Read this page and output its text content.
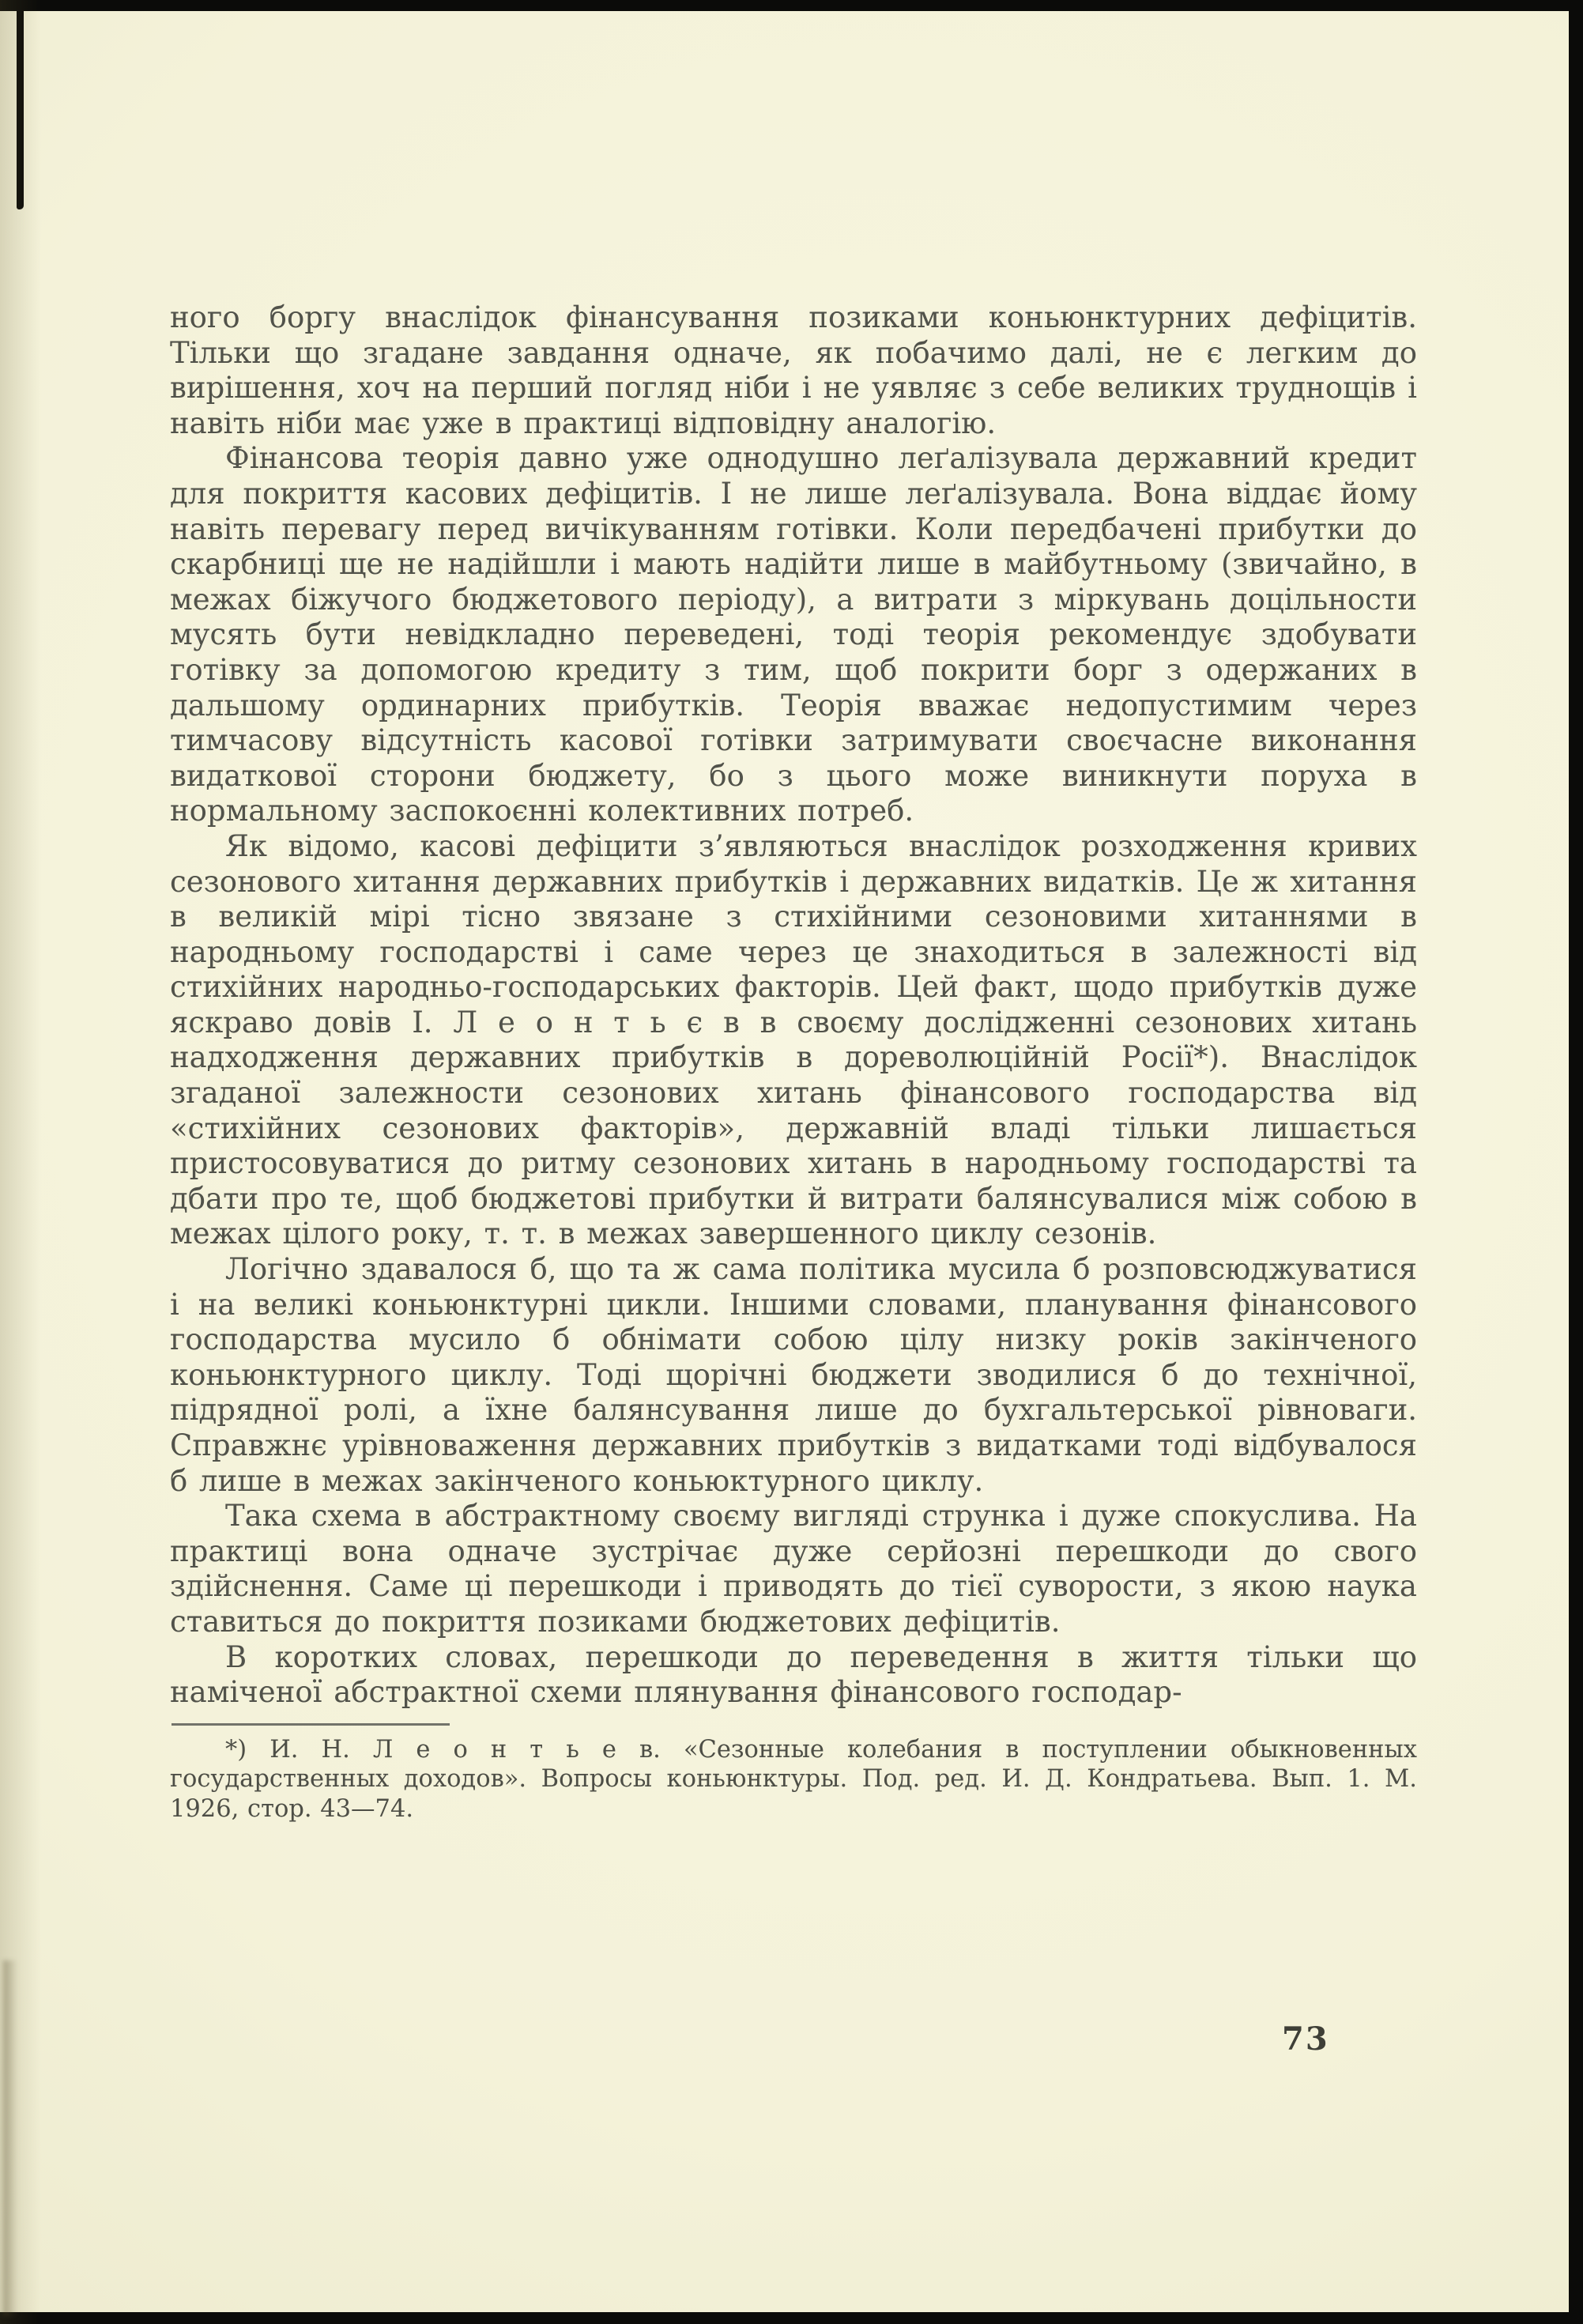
ного боргу внаслідок фінансування позиками коньюнктурних дефіцитів. Тільки що згадане завдання одначе, як побачимо далі, не є легким до вирішення, хоч на перший погляд ніби і не уявляє з себе великих труднощів і навіть ніби має уже в практиці відповідну аналогію.

Фінансова теорія давно уже однодушно леґалізувала державний кредит для покриття касових дефіцитів. І не лише леґалізувала. Вона віддає йому навіть перевагу перед вичікуванням готівки. Коли передбачені прибутки до скарбниці ще не надійшли і мають надійти лише в майбутньому (звичайно, в межах біжучого бюджетового періоду), а витрати з міркувань доцільности мусять бути невідкладно переведені, тоді теорія рекомендує здобувати готівку за допомогою кредиту з тим, щоб покрити борг з одержаних в дальшому ординарних прибутків. Теорія вважає недопустимим через тимчасову відсутність касової готівки затримувати своєчасне виконання видаткової сторони бюджету, бо з цього може виникнути поруха в нормальному заспокоєнні колективних потреб.

Як відомо, касові дефіцити з’являються внаслідок розходження кривих сезонового хитання державних прибутків і державних видатків. Це ж хитання в великій мірі тісно звязане з стихійними сезоновими хитаннями в народньому господарстві і саме через це знаходиться в залежності від стихійних народньо-господарських факторів. Цей факт, щодо прибутків дуже яскраво довів І. Л е о н т ь є в в своєму дослідженні сезонових хитань надходження державних прибутків в дореволюційній Росії*). Внаслідок згаданої залежности сезонових хитань фінансового господарства від «стихійних сезонових факторів», державній владі тільки лишається пристосовуватися до ритму сезонових хитань в народньому господарстві та дбати про те, щоб бюджетові прибутки й витрати балянсувалися між собою в межах цілого року, т. т. в межах завершенного циклу сезонів.

Логічно здавалося б, що та ж сама політика мусила б розповсюджуватися і на великі коньюнктурні цикли. Іншими словами, планування фінансового господарства мусило б обнімати собою цілу низку років закінченого коньюнктурного циклу. Тоді щорічні бюджети зводилися б до технічної, підрядної ролі, а їхне балянсування лише до бухгальтерської рівноваги. Справжнє урівноваження державних прибутків з видатками тоді відбувалося б лише в межах закінченого коньюктурного циклу.

Така схема в абстрактному своєму вигляді струнка і дуже спокуслива. На практиці вона одначе зустрічає дуже серйозні перешкоди до свого здійснення. Саме ці перешкоди і приводять до тієї суворости, з якою наука ставиться до покриття позиками бюджетових дефіцитів.

В коротких словах, перешкоди до переведення в життя тільки що наміченої абстрактної схеми плянування фінансового господар-

*) И. Н. Л е о н т ь е в. «Сезонные колебания в поступлении обыкновенных государственных доходов». Вопросы коньюнктуры. Под. ред. И. Д. Кондратьева. Вып. 1. М. 1926, стор. 43—74.

73
